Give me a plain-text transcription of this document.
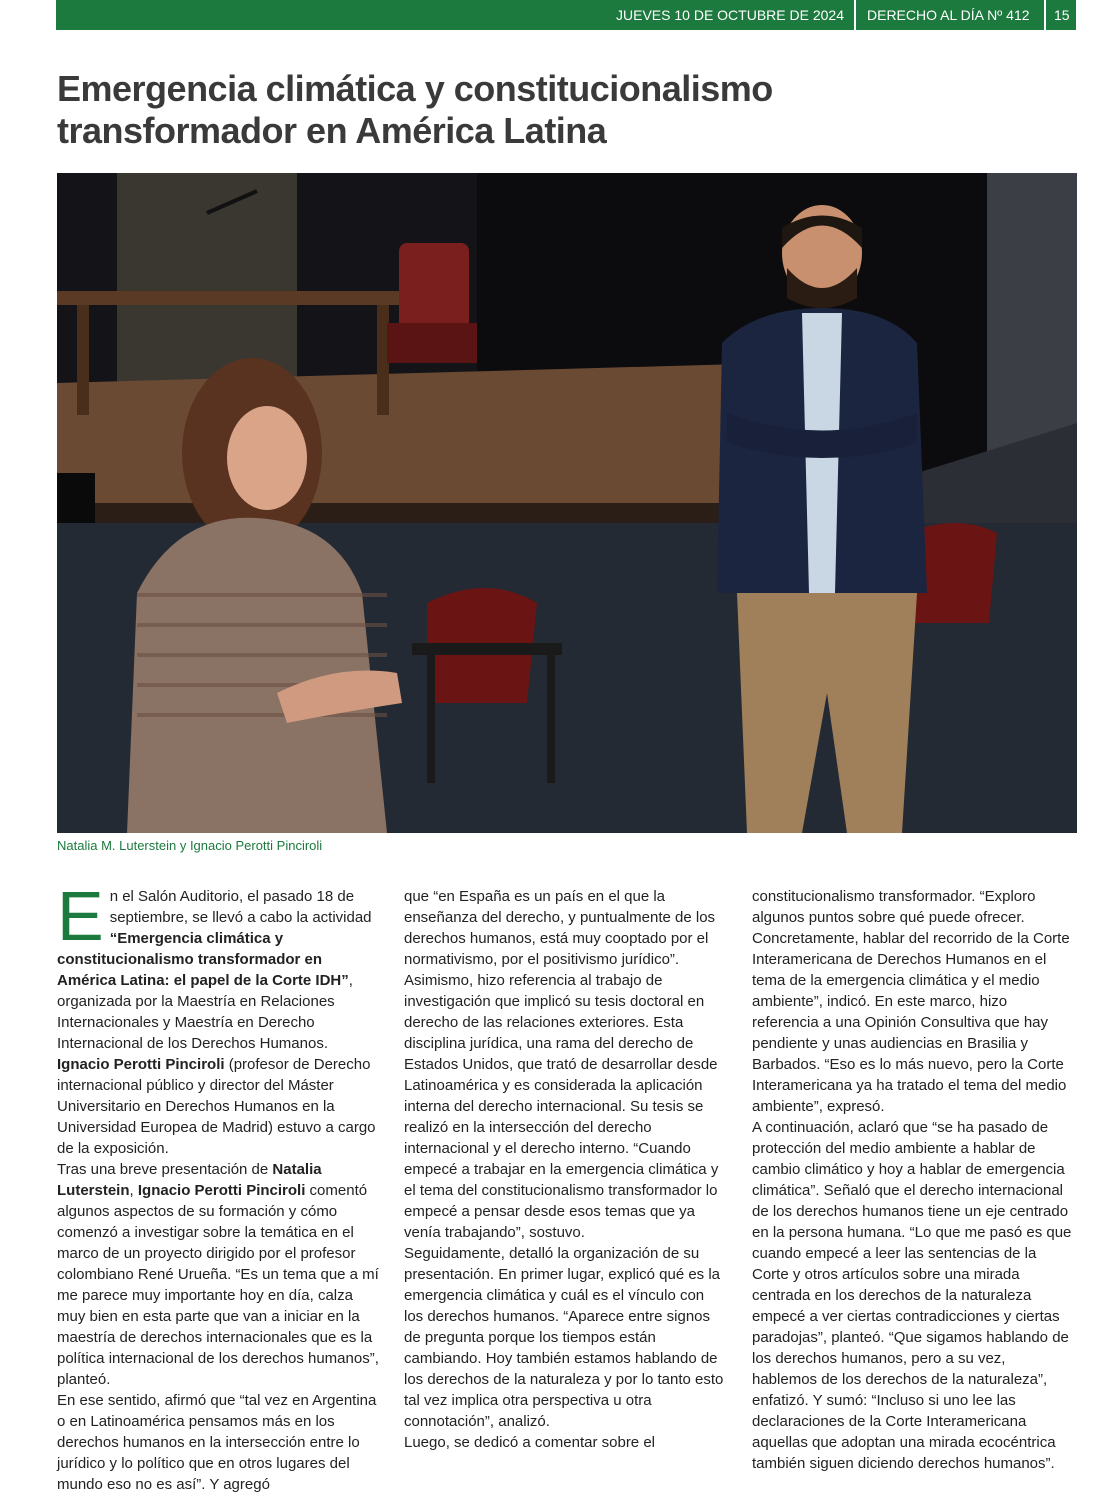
JUEVES 10 DE OCTUBRE DE 2024 DERECHO AL DÍA Nº 412 15
Emergencia climática y constitucionalismo
transformador en América Latina
Natalia M. Luterstein y Ignacio Perotti Pinciroli

En el Salón Auditorio, el pasado 18 de septiembre, se llevó a cabo la actividad “Emergencia climática y constitucionalismo transformador en América Latina: el papel de la Corte IDH”, organizada por la Maestría en Relaciones Internacionales y Maestría en Derecho Internacional de los Derechos Humanos. Ignacio Perotti Pinciroli (profesor de Derecho internacional público y director del Máster Universitario en Derechos Humanos en la Universidad Europea de Madrid) estuvo a cargo de la exposición.

Tras una breve presentación de Natalia Luterstein, Ignacio Perotti Pinciroli comentó algunos aspectos de su formación y cómo comenzó a investigar sobre la temática en el marco de un proyecto dirigido por el profesor colombiano René Urueña. “Es un tema que a mí me parece muy importante hoy en día, calza muy bien en esta parte que van a iniciar en la maestría de derechos internacionales que es la política internacional de los derechos humanos”, planteó.

En ese sentido, afirmó que “tal vez en Argentina o en Latinoamérica pensamos más en los derechos humanos en la intersección entre lo jurídico y lo político que en otros lugares del mundo eso no es así”. Y agregó

que “en España es un país en el que la enseñanza del derecho, y puntualmente de los derechos humanos, está muy cooptado por el normativismo, por el positivismo jurídico”.

Asimismo, hizo referencia al trabajo de investigación que implicó su tesis doctoral en derecho de las relaciones exteriores. Esta disciplina jurídica, una rama del derecho de Estados Unidos, que trató de desarrollar desde Latinoamérica y es considerada la aplicación interna del derecho internacional. Su tesis se realizó en la intersección del derecho internacional y el derecho interno. “Cuando empecé a trabajar en la emergencia climática y el tema del constitucionalismo transformador lo empecé a pensar desde esos temas que ya venía trabajando”, sostuvo.

Seguidamente, detalló la organización de su presentación. En primer lugar, explicó qué es la emergencia climática y cuál es el vínculo con los derechos humanos. “Aparece entre signos de pregunta porque los tiempos están cambiando. Hoy también estamos hablando de los derechos de la naturaleza y por lo tanto esto tal vez implica otra perspectiva u otra connotación”, analizó.

Luego, se dedicó a comentar sobre el

constitucionalismo transformador. “Exploro algunos puntos sobre qué puede ofrecer. Concretamente, hablar del recorrido de la Corte Interamericana de Derechos Humanos en el tema de la emergencia climática y el medio ambiente”, indicó. En este marco, hizo referencia a una Opinión Consultiva que hay pendiente y unas audiencias en Brasilia y Barbados. “Eso es lo más nuevo, pero la Corte Interamericana ya ha tratado el tema del medio ambiente”, expresó.

A continuación, aclaró que “se ha pasado de protección del medio ambiente a hablar de cambio climático y hoy a hablar de emergencia climática”. Señaló que el derecho internacional de los derechos humanos tiene un eje centrado en la persona humana. “Lo que me pasó es que cuando empecé a leer las sentencias de la Corte y otros artículos sobre una mirada centrada en los derechos de la naturaleza empecé a ver ciertas contradicciones y ciertas paradojas”, planteó. “Que sigamos hablando de los derechos humanos, pero a su vez, hablemos de los derechos de la naturaleza”, enfatizó. Y sumó: “Incluso si uno lee las declaraciones de la Corte Interamericana aquellas que adoptan una mirada ecocéntrica también siguen diciendo derechos humanos”.
